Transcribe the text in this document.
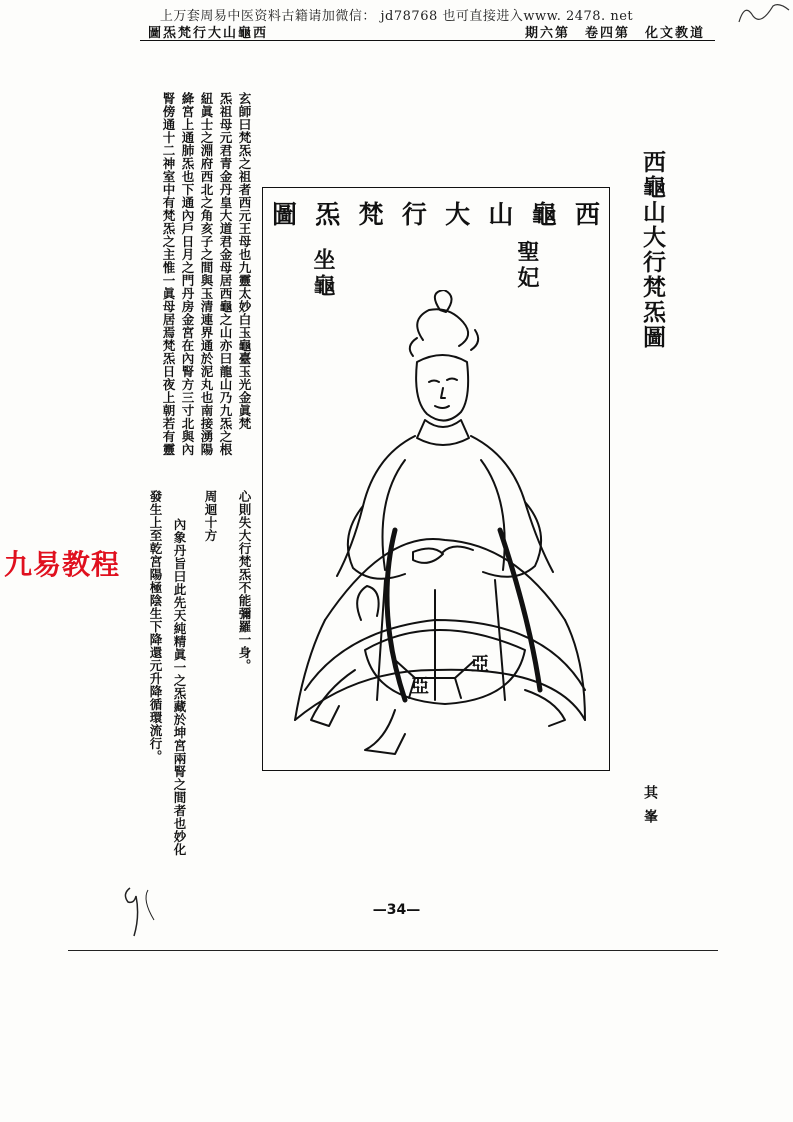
上万套周易中医资料古籍请加微信： jd78768 也可直接进入www. 2478. net
圖炁梵行大山龜西	期六第　卷四第　化文教道
玄師曰梵炁之祖者西元王母也九靈太妙白玉龜臺玉光金眞梵
炁祖母元君青金丹皇大道君金母居西龜之山亦曰龍山乃九炁之根
紐眞士之淵府西北之角亥子之間與玉清連界通於泥丸也南接湧陽
絳宮上通肺炁也下通內戶日月之門丹房金宮在內腎方三寸北與內
腎傍通十二神室中有梵炁之主惟一眞母居焉梵炁日夜上朝若有靈
心則失大行梵炁不能彌羅一身。
周迴十方
內象丹旨曰此先天純精眞一之炁藏於坤宮兩腎之間者也妙化
發生上至乾宮陽極陰生下降還元升降循環流行。
西龜山大行梵炁圖
圖 炁 梵 行 大 山 龜 西
聖妃
坐龜
亞
亞
其峯
—34—
九易教程
